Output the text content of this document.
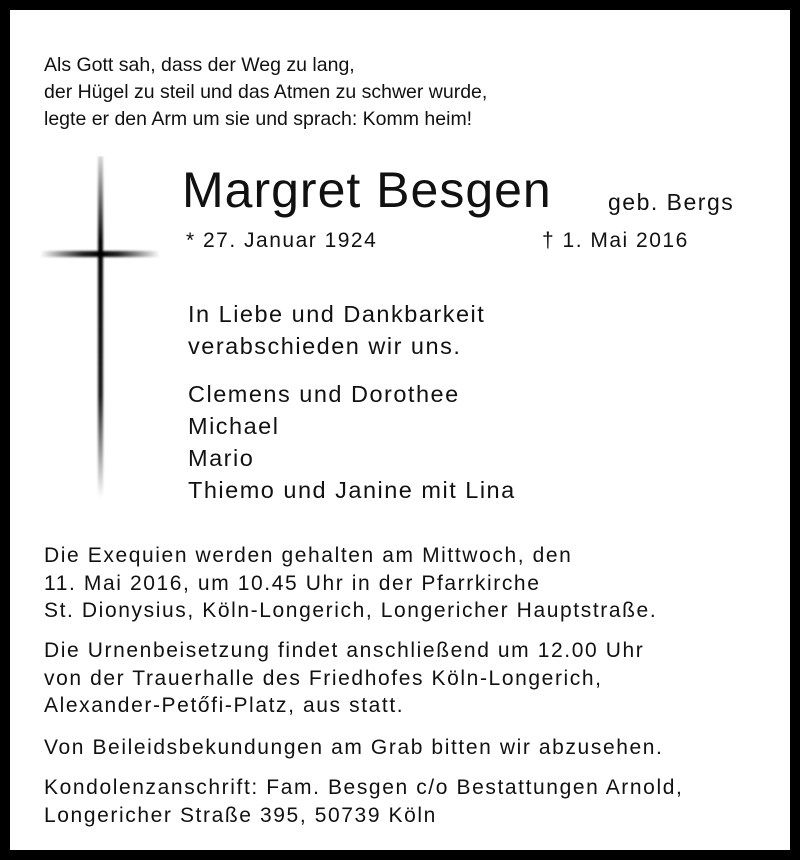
Als Gott sah, dass der Weg zu lang,
der Hügel zu steil und das Atmen zu schwer wurde,
legte er den Arm um sie und sprach: Komm heim!
Margret Besgen geb. Bergs
* 27. Januar 1924	† 1. Mai 2016
In Liebe und Dankbarkeit
verabschieden wir uns.
Clemens und Dorothee
Michael
Mario
Thiemo und Janine mit Lina
Die Exequien werden gehalten am Mittwoch, den
11. Mai 2016, um 10.45 Uhr in der Pfarrkirche
St. Dionysius, Köln-Longerich, Longericher Hauptstraße.
Die Urnenbeisetzung findet anschließend um 12.00 Uhr
von der Trauerhalle des Friedhofes Köln-Longerich,
Alexander-Petőfi-Platz, aus statt.
Von Beileidsbekundungen am Grab bitten wir abzusehen.
Kondolenzanschrift: Fam. Besgen c/o Bestattungen Arnold,
Longericher Straße 395, 50739 Köln
